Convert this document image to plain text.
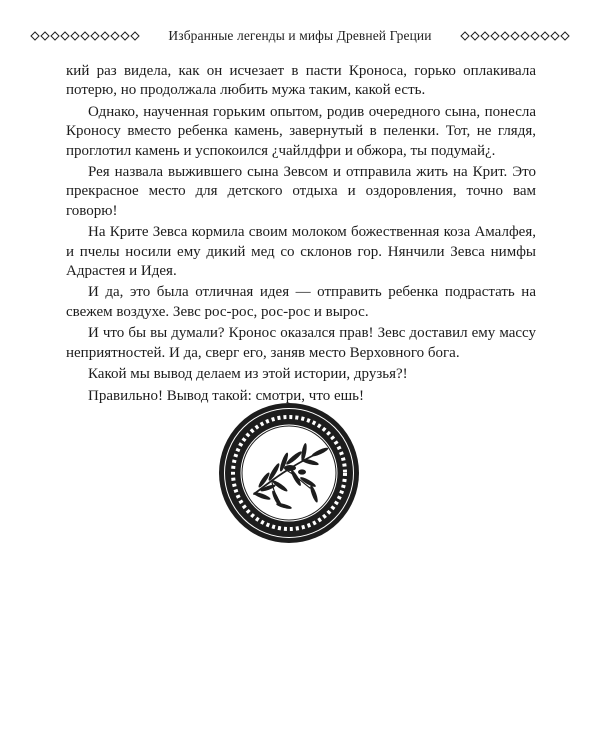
Избранные легенды и мифы Древней Греции

кий раз видела, как он исчезает в пасти Кроноса, горько оплакивала потерю, но продолжала любить мужа таким, какой есть.

Однако, наученная горьким опытом, родив очередного сына, понесла Кроносу вместо ребенка камень, завернутый в пеленки. Тот, не глядя, проглотил камень и успокоился ¿чайлдфри и обжора, ты подумай¿.

Рея назвала выжившего сына Зевсом и отправила жить на Крит. Это прекрасное место для детского отдыха и оздоровления, точно вам говорю!

На Крите Зевса кормила своим молоком божественная коза Амалфея, и пчелы носили ему дикий мед со склонов гор. Нянчили Зевса нимфы Адрастея и Идея.

И да, это была отличная идея — отправить ребенка подрастать на свежем воздухе. Зевс рос-рос, рос-рос и вырос.

И что бы вы думали? Кронос оказался прав! Зевс доставил ему массу неприятностей. И да, сверг его, заняв место Верховного бога.

Какой мы вывод делаем из этой истории, друзья?!

Правильно! Вывод такой: смотри, что ешь!
